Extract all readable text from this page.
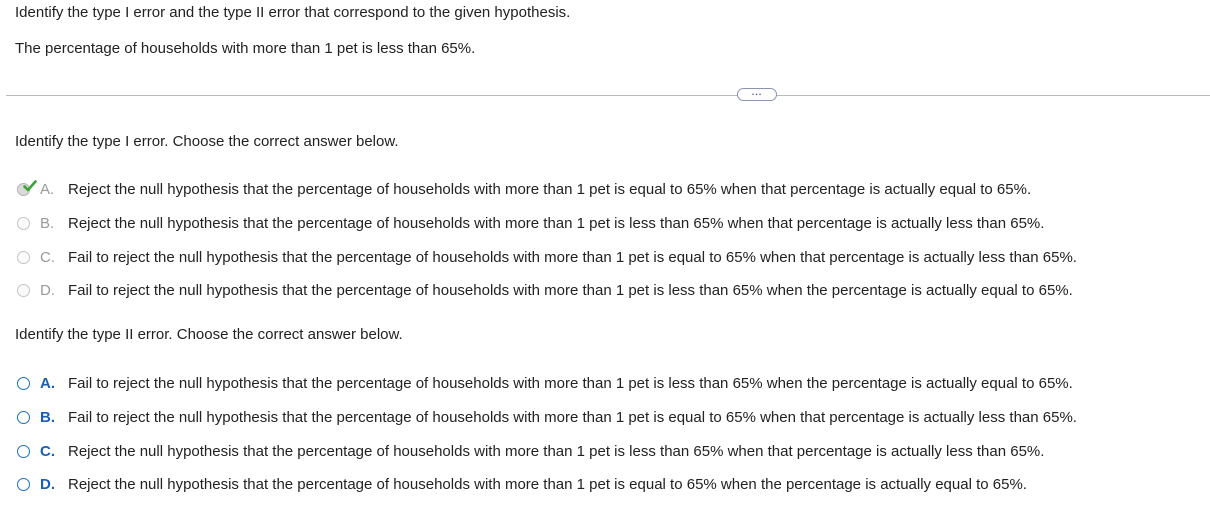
Identify the type I error and the type II error that correspond to the given hypothesis.
The percentage of households with more than 1 pet is less than 65%.
...
Identify the type I error. Choose the correct answer below.
A. Reject the null hypothesis that the percentage of households with more than 1 pet is equal to 65% when that percentage is actually equal to 65%.
B. Reject the null hypothesis that the percentage of households with more than 1 pet is less than 65% when that percentage is actually less than 65%.
C. Fail to reject the null hypothesis that the percentage of households with more than 1 pet is equal to 65% when that percentage is actually less than 65%.
D. Fail to reject the null hypothesis that the percentage of households with more than 1 pet is less than 65% when the percentage is actually equal to 65%.
Identify the type II error. Choose the correct answer below.
A. Fail to reject the null hypothesis that the percentage of households with more than 1 pet is less than 65% when the percentage is actually equal to 65%.
B. Fail to reject the null hypothesis that the percentage of households with more than 1 pet is equal to 65% when that percentage is actually less than 65%.
C. Reject the null hypothesis that the percentage of households with more than 1 pet is less than 65% when that percentage is actually less than 65%.
D. Reject the null hypothesis that the percentage of households with more than 1 pet is equal to 65% when the percentage is actually equal to 65%.
